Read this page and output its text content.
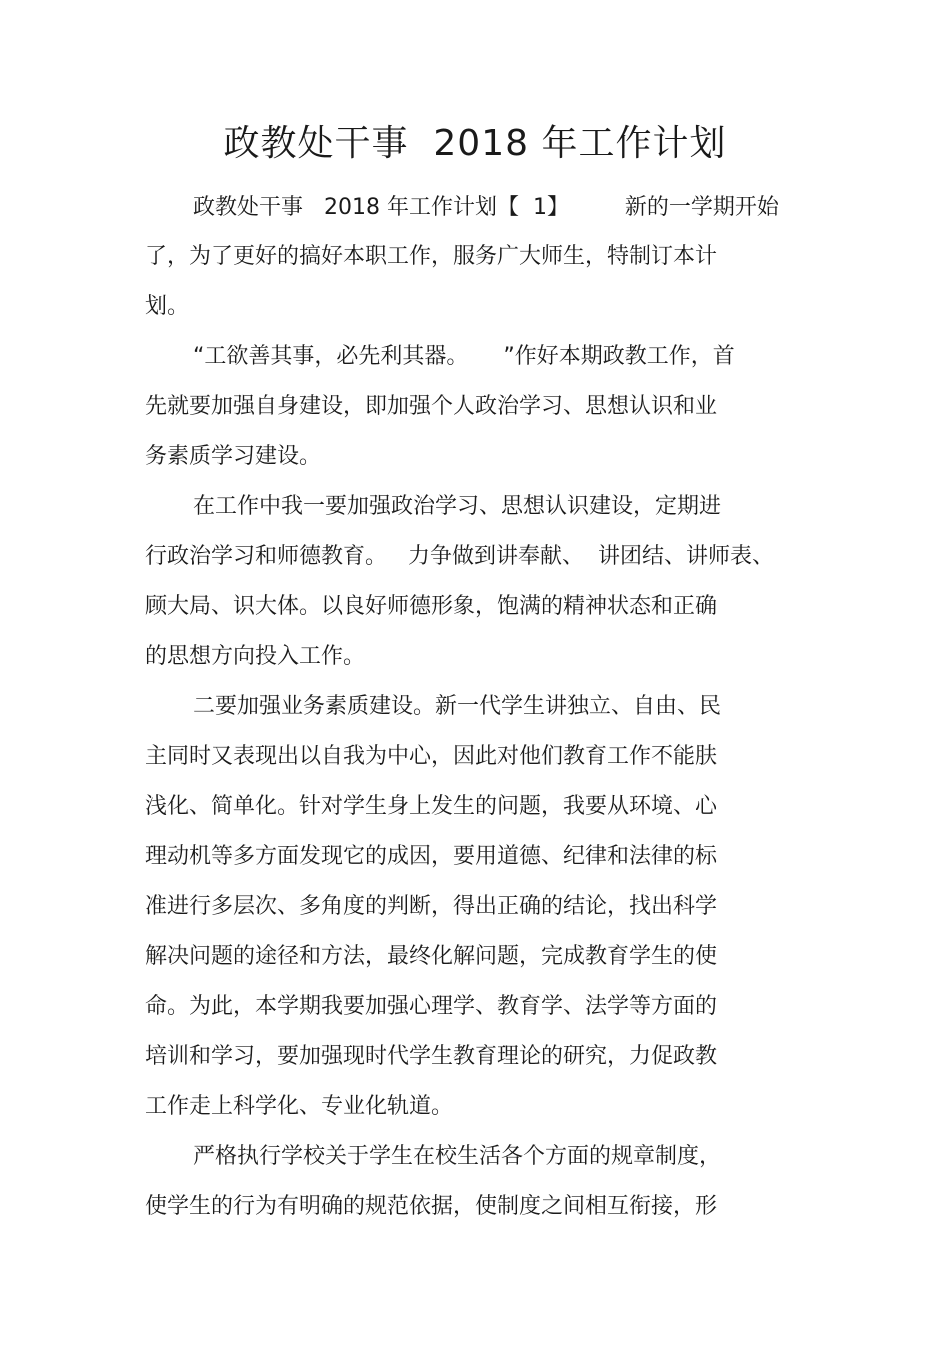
政教处干事  2018 年工作计划
政教处干事   2018 年工作计划【  1】        新的一学期开始
了，为了更好的搞好本职工作，服务广大师生，特制订本计
划。
“工欲善其事，必先利其器。     ”作好本期政教工作，首
先就要加强自身建设，即加强个人政治学习、思想认识和业
务素质学习建设。
在工作中我一要加强政治学习、思想认识建设，定期进
行政治学习和师德教育。   力争做到讲奉献、  讲团结、讲师表、
顾大局、识大体。以良好师德形象，饱满的精神状态和正确
的思想方向投入工作。
二要加强业务素质建设。新一代学生讲独立、自由、民
主同时又表现出以自我为中心，因此对他们教育工作不能肤
浅化、简单化。针对学生身上发生的问题，我要从环境、心
理动机等多方面发现它的成因，要用道德、纪律和法律的标
准进行多层次、多角度的判断，得出正确的结论，找出科学
解决问题的途径和方法，最终化解问题，完成教育学生的使
命。为此，本学期我要加强心理学、教育学、法学等方面的
培训和学习，要加强现时代学生教育理论的研究，力促政教
工作走上科学化、专业化轨道。
严格执行学校关于学生在校生活各个方面的规章制度，
使学生的行为有明确的规范依据，使制度之间相互衔接，形
